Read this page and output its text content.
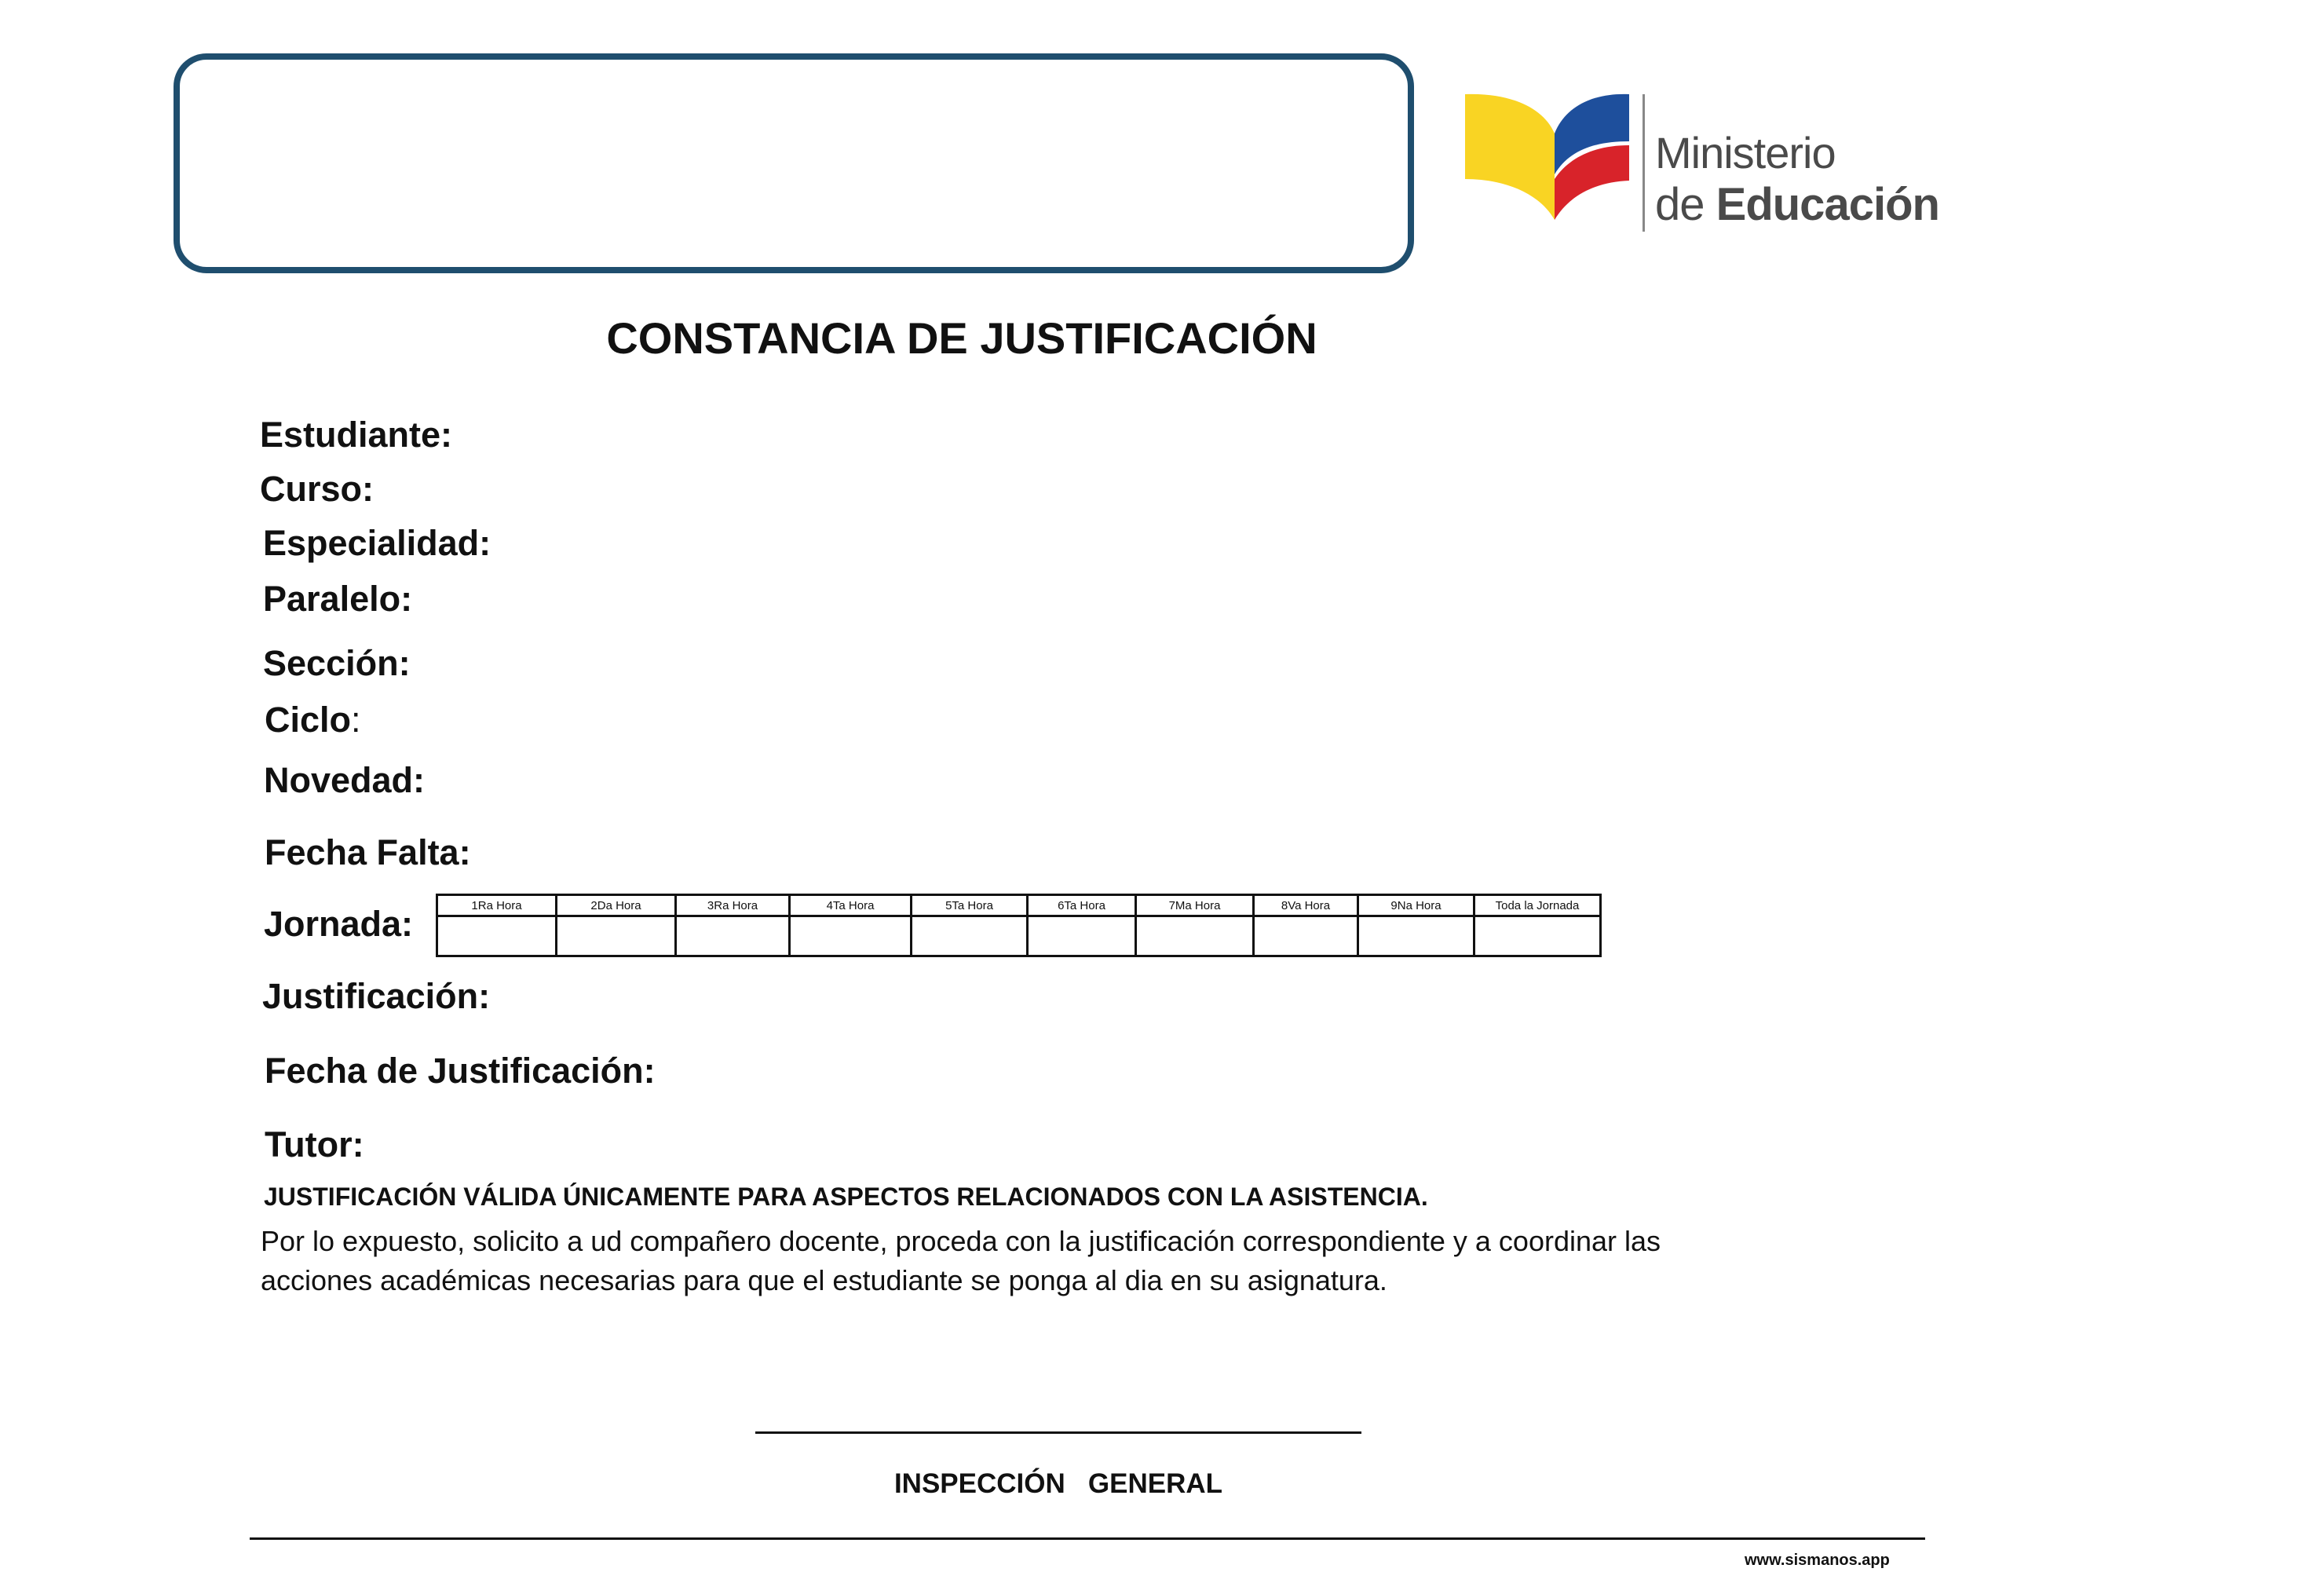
Ministerio
de Educación
CONSTANCIA DE JUSTIFICACIÓN
Estudiante:
Curso:
Especialidad:
Paralelo:
Sección:
Ciclo:
Novedad:
Fecha Falta:
Jornada:
Justificación:
Fecha de Justificación:
Tutor:
1Ra Hora	2Da Hora	3Ra Hora	4Ta Hora	5Ta Hora	6Ta Hora	7Ma Hora	8Va Hora	9Na Hora	Toda la Jornada

JUSTIFICACIÓN VÁLIDA ÚNICAMENTE PARA ASPECTOS RELACIONADOS CON LA ASISTENCIA.
Por lo expuesto, solicito a ud compañero docente, proceda con la justificación correspondiente y a coordinar las acciones académicas necesarias para que el estudiante se ponga al dia en su asignatura.
INSPECCIÓN   GENERAL
www.sismanos.app
